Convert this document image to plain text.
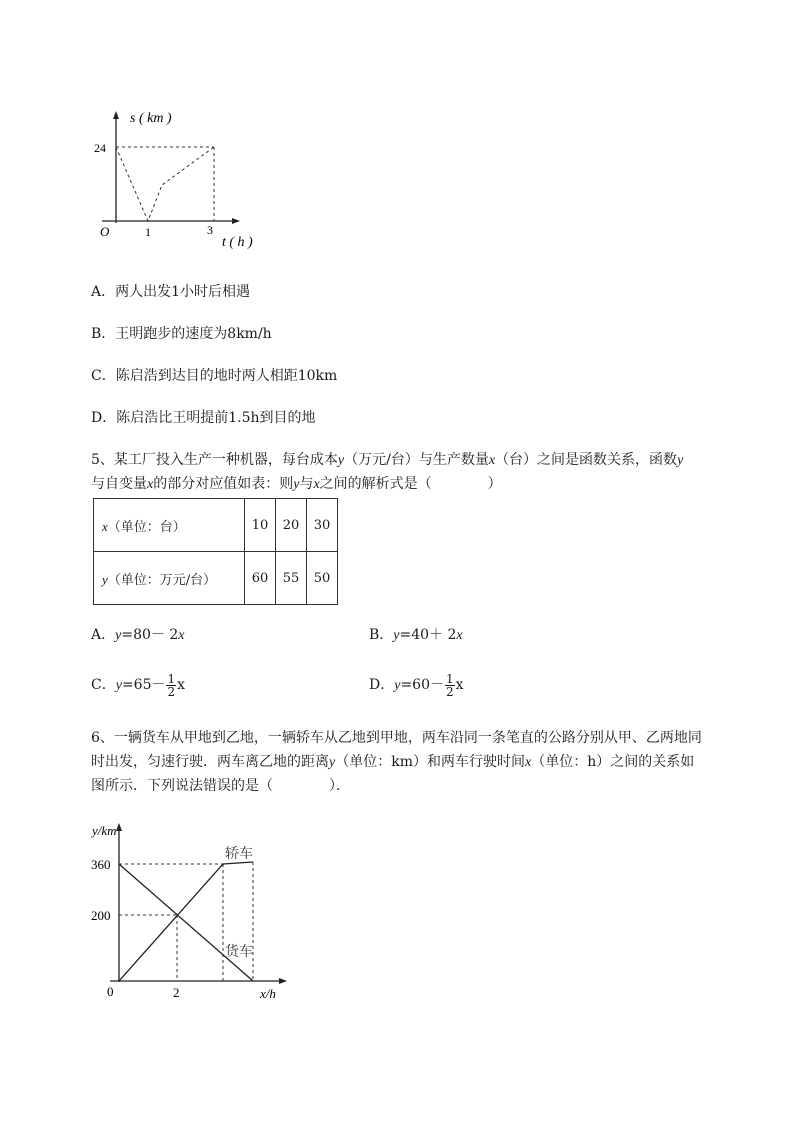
s ( km )
t ( h )
O
24
1	3
A．两人出发1小时后相遇
B．王明跑步的速度为8km/h
C．陈启浩到达目的地时两人相距10km
D．陈启浩比王明提前1.5h到目的地
5、某工厂投入生产一种机器，每台成本y（万元/台）与生产数量x（台）之间是函数关系，函数y
与自变量x的部分对应值如表：则y与x之间的解析式是（　　　　）
x（单位：台）	10	20	30
y（单位：万元/台）	60	55	50
A．y=80－ 2x	B．y=40＋ 2x
C．$y=65- \frac{1}{2}$ x	D．$y=60- \frac{1}{2}$ x
6、一辆货车从甲地到乙地，一辆轿车从乙地到甲地，两车沿同一条笔直的公路分别从甲、乙两地同
时出发，匀速行驶．两车离乙地的距离y（单位：km）和两车行驶时间x（单位：h）之间的关系如
图所示．下列说法错误的是（　　　　）．
y/km
x/h
0
360
200
2
轿车
货车
